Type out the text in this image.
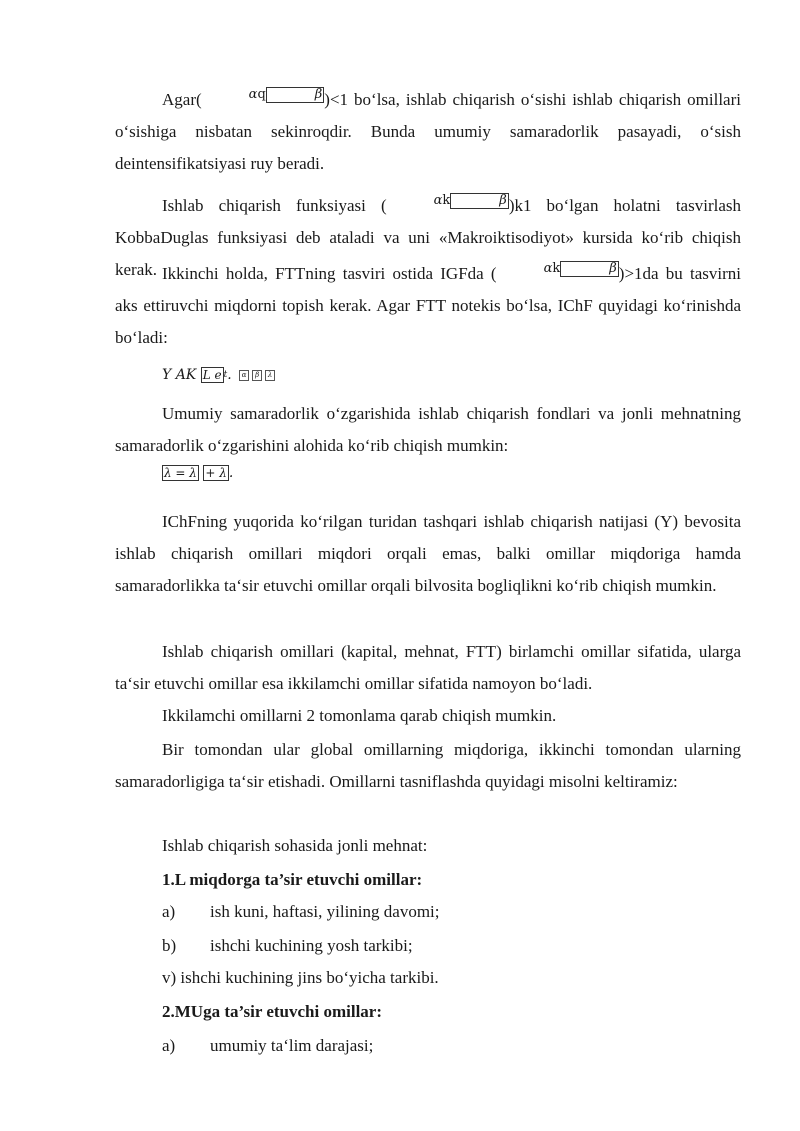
Agar(	αq	β )<1 bo‘lsa, ishlab chiqarish o‘sishi ishlab chiqarish omillari o‘sishiga nisbatan sekinroqdir. Bunda umumiy samaradorlik pasayadi, o‘sish deintensifikatsiyasi ruy beradi.
Ishlab chiqarish funksiyasi (	αk	β )k1 bo‘lgan holatni tasvirlash KobbaDuglas funksiyasi deb ataladi va uni «Makroiktisodiyot» kursida ko‘rib chiqish kerak. Ikkinchi holda, FTTning tasviri ostida IGFda (	αk	β )>1da bu tasvirni aks ettiruvchi miqdorni topish kerak. Agar FTT notekis bo‘lsa, IChF quyidagi ko‘rinishda bo‘ladi:
Y AK L e $^t$. α β λ
Umumiy samaradorlik o‘zgarishida ishlab chiqarish fondlari va jonli mehnatning samaradorlik o‘zgarishini alohida ko‘rib chiqish mumkin:
λ = λ + λ .
IChFning yuqorida ko‘rilgan turidan tashqari ishlab chiqarish natijasi (Y) bevosita ishlab chiqarish omillari miqdori orqali emas, balki omillar miqdoriga hamda samaradorlikka ta‘sir etuvchi omillar orqali bilvosita bogliqlikni ko‘rib chiqish mumkin.
Ishlab chiqarish omillari (kapital, mehnat, FTT) birlamchi omillar sifatida, ularga ta‘sir etuvchi omillar esa ikkilamchi omillar sifatida namoyon bo‘ladi.
Ikkilamchi omillarni 2 tomonlama qarab chiqish mumkin.
Bir tomondan ular global omillarning miqdoriga, ikkinchi tomondan ularning samaradorligiga ta‘sir etishadi. Omillarni tasniflashda quyidagi misolni keltiramiz:
Ishlab chiqarish sohasida jonli mehnat:
1.L miqdorga ta’sir etuvchi omillar:
a) ish kuni, haftasi, yilining davomi;
b) ishchi kuchining yosh tarkibi;
v) ishchi kuchining jins bo‘yicha tarkibi.
2.MUga ta’sir etuvchi omillar:
a) umumiy ta‘lim darajasi;
